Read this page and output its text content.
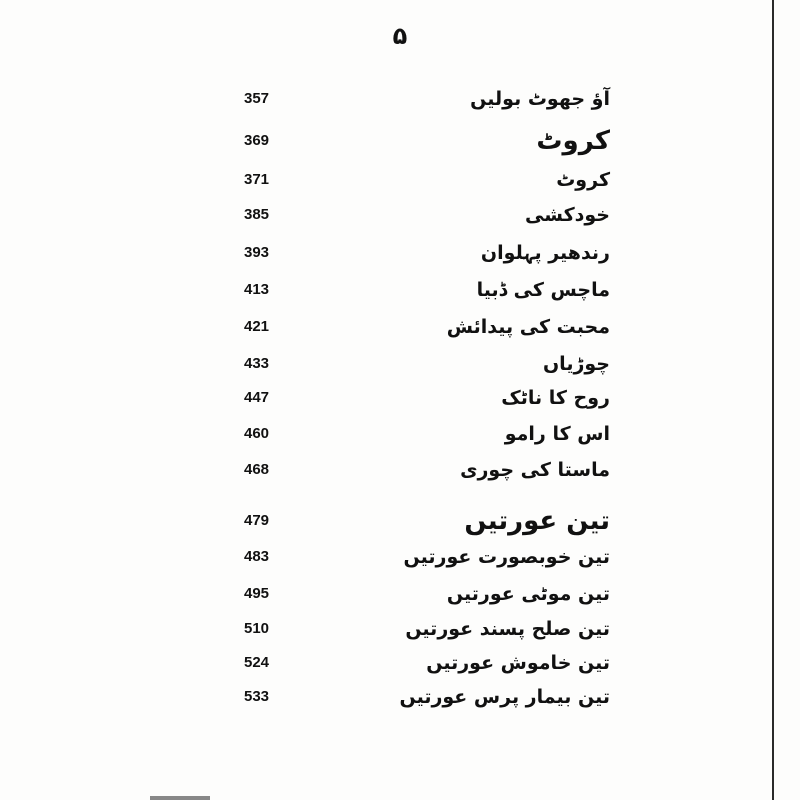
۵
آؤ جھوٹ بولیں
357
کروٹ
369
کروٹ
371
خودکشی
385
رندھیر پہلوان
393
ماچس کی ڈبیا
413
محبت کی پیدائش
421
چوڑیاں
433
روح کا ناٹک
447
اس کا رامو
460
ماستا کی چوری
468
تین عورتیں
479
تین خوبصورت عورتیں
483
تین موٹی عورتیں
495
تین صلح پسند عورتیں
510
تین خاموش عورتیں
524
تین بیمار پرس عورتیں
533
